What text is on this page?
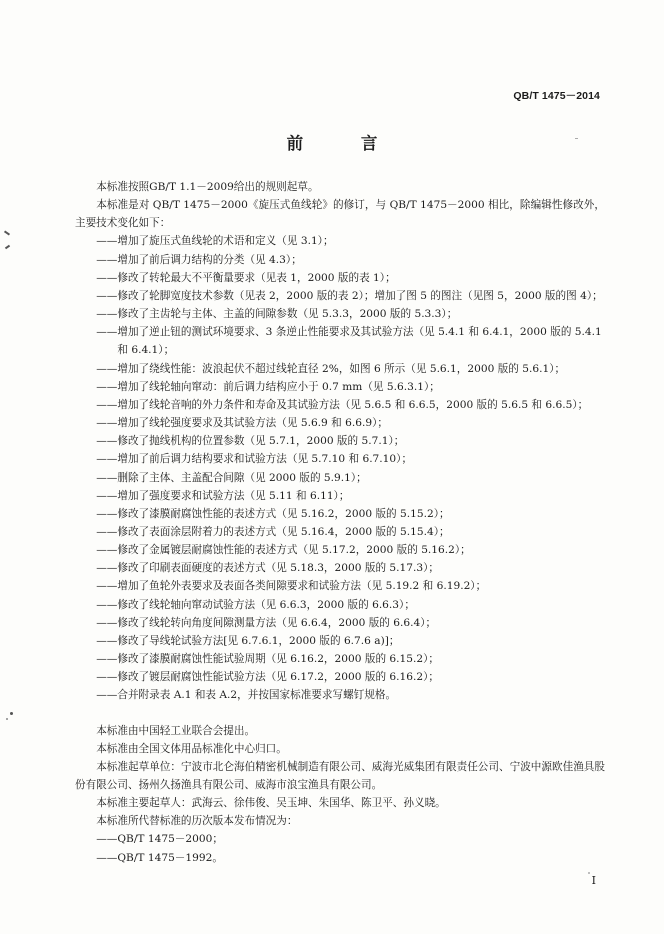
QB/T 1475－2014
前 言

本标准按照GB/T 1.1－2009给出的规则起草。

本标准是对 QB/T 1475－2000《旋压式鱼线轮》的修订，与 QB/T 1475－2000 相比，除编辑性修改外，主要技术变化如下：

——增加了旋压式鱼线轮的术语和定义（见 3.1）；

——增加了前后调力结构的分类（见 4.3）；

——修改了转轮最大不平衡量要求（见表 1，2000 版的表 1）；

——修改了轮脚宽度技术参数（见表 2，2000 版的表 2）；增加了图 5 的图注（见图 5，2000 版的图 4）；

——修改了主齿轮与主体、主盖的间隙参数（见 5.3.3，2000 版的 5.3.3）；

——增加了逆止钮的测试环境要求、3 条逆止性能要求及其试验方法（见 5.4.1 和 6.4.1，2000 版的 5.4.1 和 6.4.1）；

——增加了绕线性能：波浪起伏不超过线轮直径 2%，如图 6 所示（见 5.6.1，2000 版的 5.6.1）；

——增加了线轮轴向窜动：前后调力结构应小于 0.7 mm（见 5.6.3.1）；

——增加了线轮音响的外力条件和寿命及其试验方法（见 5.6.5 和 6.6.5，2000 版的 5.6.5 和 6.6.5）；

——增加了线轮强度要求及其试验方法（见 5.6.9 和 6.6.9）；

——修改了抛线机构的位置参数（见 5.7.1，2000 版的 5.7.1）；

——增加了前后调力结构要求和试验方法（见 5.7.10 和 6.7.10）；

——删除了主体、主盖配合间隙（见 2000 版的 5.9.1）；

——增加了强度要求和试验方法（见 5.11 和 6.11）；

——修改了漆膜耐腐蚀性能的表述方式（见 5.16.2，2000 版的 5.15.2）；

——修改了表面涂层附着力的表述方式（见 5.16.4，2000 版的 5.15.4）；

——修改了金属镀层耐腐蚀性能的表述方式（见 5.17.2，2000 版的 5.16.2）；

——修改了印刷表面硬度的表述方式（见 5.18.3，2000 版的 5.17.3）；

——增加了鱼轮外表要求及表面各类间隙要求和试验方法（见 5.19.2 和 6.19.2）；

——修改了线轮轴向窜动试验方法（见 6.6.3，2000 版的 6.6.3）；

——修改了线轮转向角度间隙测量方法（见 6.6.4，2000 版的 6.6.4）；

——修改了导线轮试验方法[见 6.7.6.1，2000 版的 6.7.6 a)]；

——修改了漆膜耐腐蚀性能试验周期（见 6.16.2，2000 版的 6.15.2）；

——修改了镀层耐腐蚀性能试验方法（见 6.17.2，2000 版的 6.16.2）；

——合并附录表 A.1 和表 A.2，并按国家标准要求写螺钉规格。

本标准由中国轻工业联合会提出。

本标准由全国文体用品标准化中心归口。

本标准起草单位：宁波市北仑海伯精密机械制造有限公司、威海光威集团有限责任公司、宁波中源欧佳渔具股份有限公司、扬州久扬渔具有限公司、威海市浪宝渔具有限公司。

本标准主要起草人：武海云、徐伟俊、吴玉坤、朱国华、陈卫平、孙义晓。

本标准所代替标准的历次版本发布情况为：

——QB/T 1475－2000；

——QB/T 1475－1992。

I
